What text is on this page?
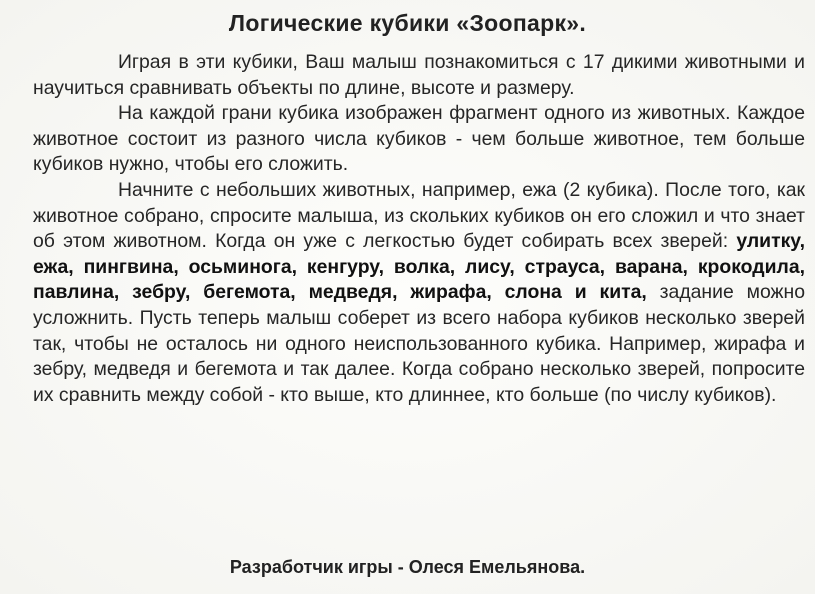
Логические кубики «Зоопарк».

Играя в эти кубики, Ваш малыш познакомиться с 17 дикими животными и научиться сравнивать объекты по длине, высоте и размеру.

На каждой грани кубика изображен фрагмент одного из животных. Каждое животное состоит из разного числа кубиков - чем больше животное, тем больше кубиков нужно, чтобы его сложить.

Начните с небольших животных, например, ежа (2 кубика). После того, как животное собрано, спросите малыша, из скольких кубиков он его сложил и что знает об этом животном. Когда он уже с легкостью будет собирать всех зверей: улитку, ежа, пингвина, осьминога, кенгуру, волка, лису, страуса, варана, крокодила, павлина, зебру, бегемота, медведя, жирафа, слона и кита, задание можно усложнить. Пусть теперь малыш соберет из всего набора кубиков несколько зверей так, чтобы не осталось ни одного неиспользованного кубика. Например, жирафа и зебру, медведя и бегемота и так далее. Когда собрано несколько зверей, попросите их сравнить между собой - кто выше, кто длиннее, кто больше (по числу кубиков).

Разработчик игры - Олеся Емельянова.
